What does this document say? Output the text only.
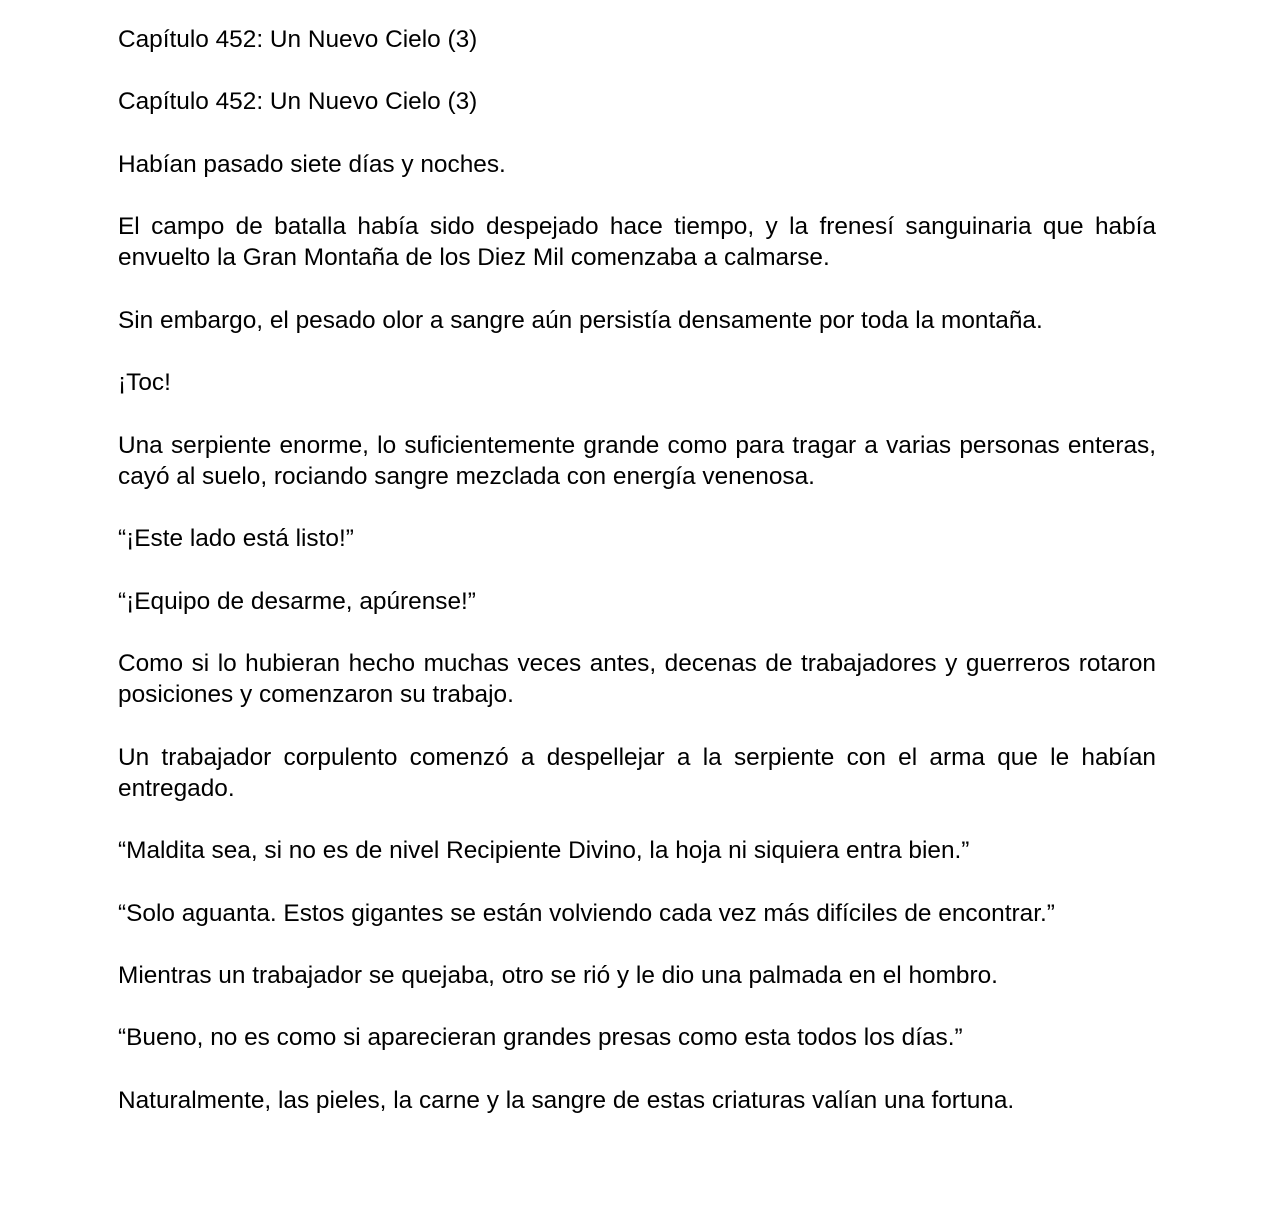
Capítulo 452: Un Nuevo Cielo (3)

Capítulo 452: Un Nuevo Cielo (3)

Habían pasado siete días y noches.

El campo de batalla había sido despejado hace tiempo, y la frenesí sanguinaria que había envuelto la Gran Montaña de los Diez Mil comenzaba a calmarse.

Sin embargo, el pesado olor a sangre aún persistía densamente por toda la montaña.

¡Toc!

Una serpiente enorme, lo suficientemente grande como para tragar a varias personas enteras, cayó al suelo, rociando sangre mezclada con energía venenosa.

“¡Este lado está listo!”

“¡Equipo de desarme, apúrense!”

Como si lo hubieran hecho muchas veces antes, decenas de trabajadores y guerreros rotaron posiciones y comenzaron su trabajo.

Un trabajador corpulento comenzó a despellejar a la serpiente con el arma que le habían entregado.

“Maldita sea, si no es de nivel Recipiente Divino, la hoja ni siquiera entra bien.”

“Solo aguanta. Estos gigantes se están volviendo cada vez más difíciles de encontrar.”

Mientras un trabajador se quejaba, otro se rió y le dio una palmada en el hombro.

“Bueno, no es como si aparecieran grandes presas como esta todos los días.”

Naturalmente, las pieles, la carne y la sangre de estas criaturas valían una fortuna.
